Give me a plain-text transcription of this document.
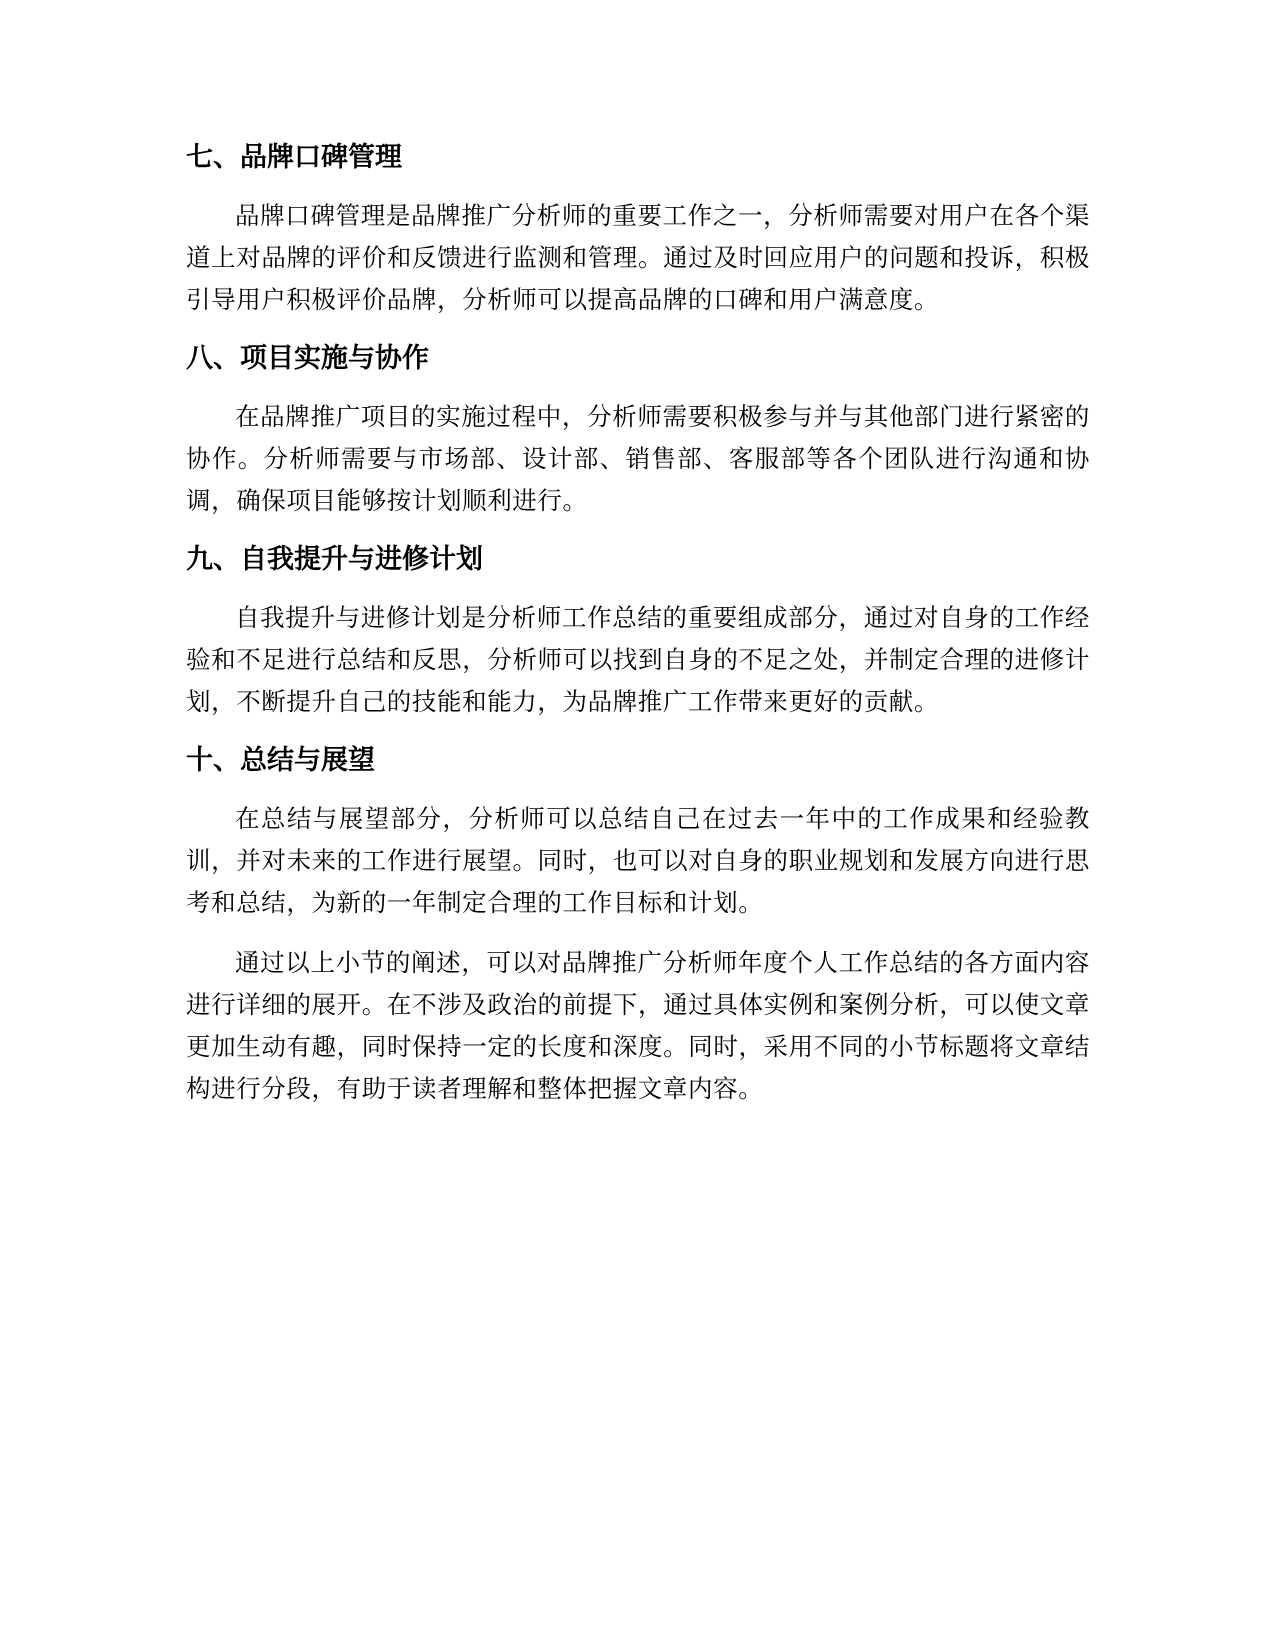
七、品牌口碑管理

品牌口碑管理是品牌推广分析师的重要工作之一，分析师需要对用户在各个渠道上对品牌的评价和反馈进行监测和管理。通过及时回应用户的问题和投诉，积极引导用户积极评价品牌，分析师可以提高品牌的口碑和用户满意度。

八、项目实施与协作

在品牌推广项目的实施过程中，分析师需要积极参与并与其他部门进行紧密的协作。分析师需要与市场部、设计部、销售部、客服部等各个团队进行沟通和协调，确保项目能够按计划顺利进行。

九、自我提升与进修计划

自我提升与进修计划是分析师工作总结的重要组成部分，通过对自身的工作经验和不足进行总结和反思，分析师可以找到自身的不足之处，并制定合理的进修计划，不断提升自己的技能和能力，为品牌推广工作带来更好的贡献。

十、总结与展望

在总结与展望部分，分析师可以总结自己在过去一年中的工作成果和经验教训，并对未来的工作进行展望。同时，也可以对自身的职业规划和发展方向进行思考和总结，为新的一年制定合理的工作目标和计划。

通过以上小节的阐述，可以对品牌推广分析师年度个人工作总结的各方面内容进行详细的展开。在不涉及政治的前提下，通过具体实例和案例分析，可以使文章更加生动有趣，同时保持一定的长度和深度。同时，采用不同的小节标题将文章结构进行分段，有助于读者理解和整体把握文章内容。
